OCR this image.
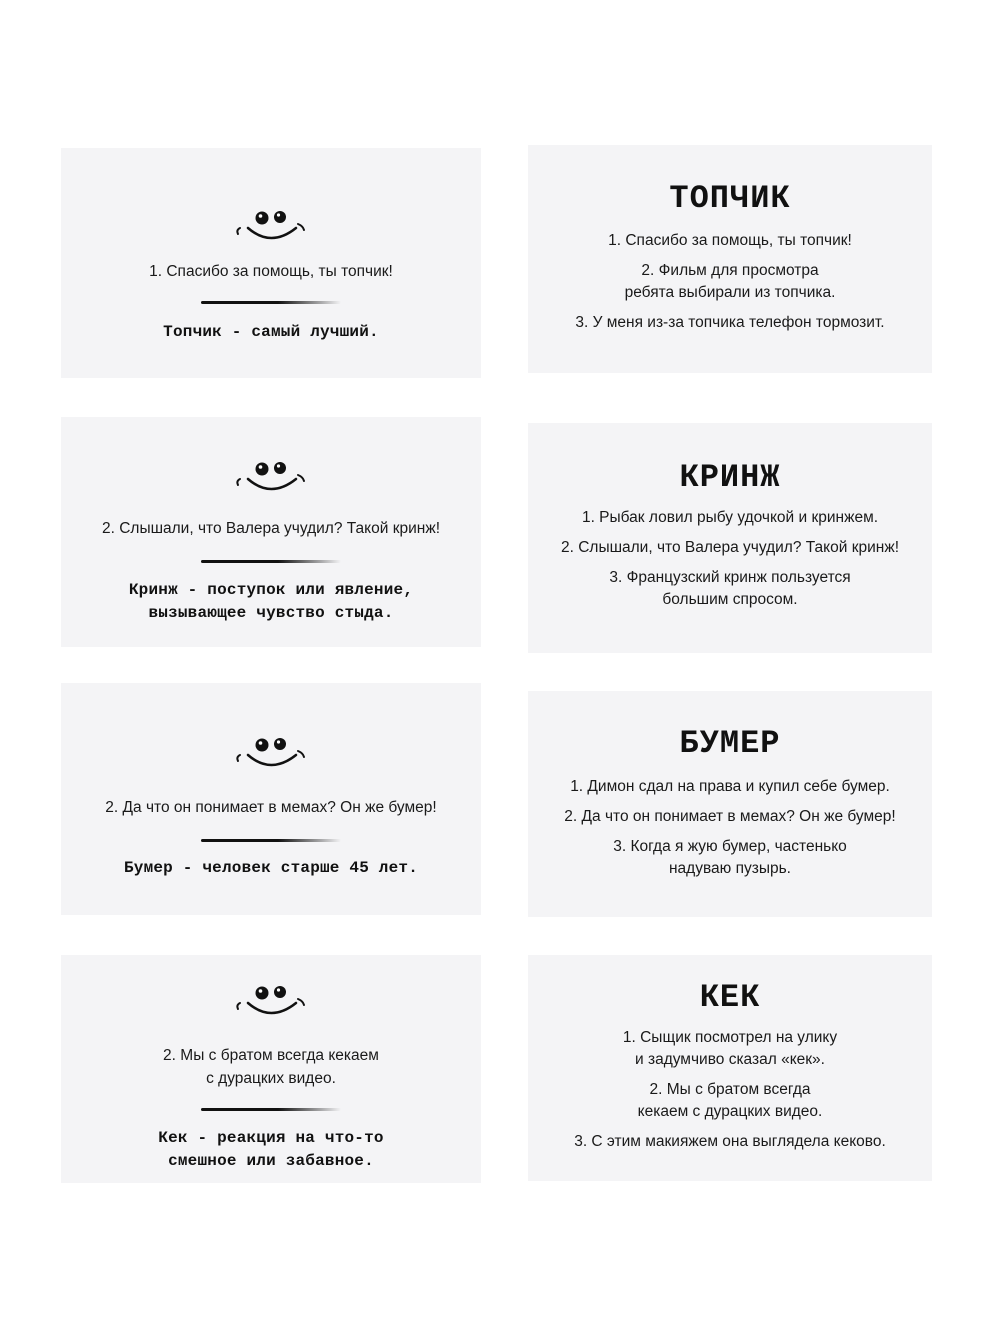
1. Спасибо за помощь, ты топчик!
Топчик - самый лучший.
2. Слышали, что Валера учудил? Такой кринж!
Кринж - поступок или явление,
вызывающее чувство стыда.
2. Да что он понимает в мемах? Он же бумер!
Бумер - человек старше 45 лет.
2. Мы с братом всегда кекаем
с дурацких видео.
Кек - реакция на что-то
смешное или забавное.
ТОПЧИК
1. Спасибо за помощь, ты топчик!
2. Фильм для просмотра
ребята выбирали из топчика.
3. У меня из-за топчика телефон тормозит.
КРИНЖ
1. Рыбак ловил рыбу удочкой и кринжем.
2. Слышали, что Валера учудил? Такой кринж!
3. Французский кринж пользуется
большим спросом.
БУМЕР
1. Димон сдал на права и купил себе бумер.
2. Да что он понимает в мемах? Он же бумер!
3. Когда я жую бумер, частенько
надуваю пузырь.
КЕК
1. Сыщик посмотрел на улику
и задумчиво сказал «кек».
2. Мы с братом всегда
кекаем с дурацких видео.
3. С этим макияжем она выглядела кеково.
